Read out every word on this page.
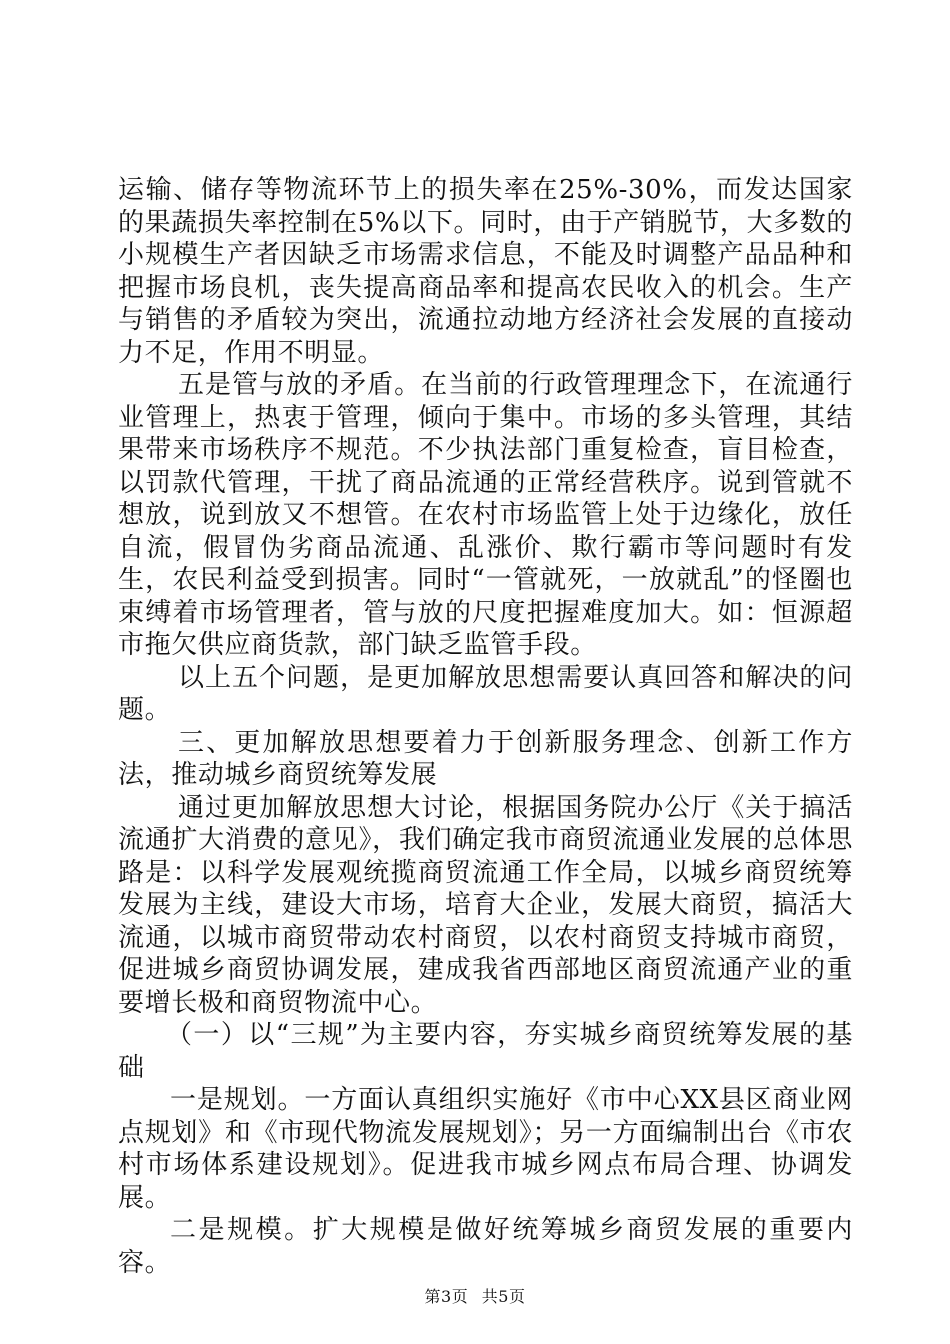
运输、储存等物流环节上的损失率在25%-30%，而发达国家的果蔬损失率控制在5%以下。同时，由于产销脱节，大多数的小规模生产者因缺乏市场需求信息，不能及时调整产品品种和把握市场良机，丧失提高商品率和提高农民收入的机会。生产与销售的矛盾较为突出，流通拉动地方经济社会发展的直接动力不足，作用不明显。

五是管与放的矛盾。在当前的行政管理理念下，在流通行业管理上，热衷于管理，倾向于集中。市场的多头管理，其结果带来市场秩序不规范。不少执法部门重复检查，盲目检查，以罚款代管理，干扰了商品流通的正常经营秩序。说到管就不想放，说到放又不想管。在农村市场监管上处于边缘化，放任自流，假冒伪劣商品流通、乱涨价、欺行霸市等问题时有发生，农民利益受到损害。同时“一管就死，一放就乱”的怪圈也束缚着市场管理者，管与放的尺度把握难度加大。如：恒源超市拖欠供应商货款，部门缺乏监管手段。

以上五个问题，是更加解放思想需要认真回答和解决的问题。

三、更加解放思想要着力于创新服务理念、创新工作方法，推动城乡商贸统筹发展

通过更加解放思想大讨论，根据国务院办公厅《关于搞活流通扩大消费的意见》，我们确定我市商贸流通业发展的总体思路是：以科学发展观统揽商贸流通工作全局，以城乡商贸统筹发展为主线，建设大市场，培育大企业，发展大商贸，搞活大流通，以城市商贸带动农村商贸，以农村商贸支持城市商贸，促进城乡商贸协调发展，建成我省西部地区商贸流通产业的重要增长极和商贸物流中心。

（一）以“三规”为主要内容，夯实城乡商贸统筹发展的基础

一是规划。一方面认真组织实施好《市中心XX县区商业网点规划》和《市现代物流发展规划》；另一方面编制出台《市农村市场体系建设规划》。促进我市城乡网点布局合理、协调发展。

二是规模。扩大规模是做好统筹城乡商贸发展的重要内容。

第3页 共5页
